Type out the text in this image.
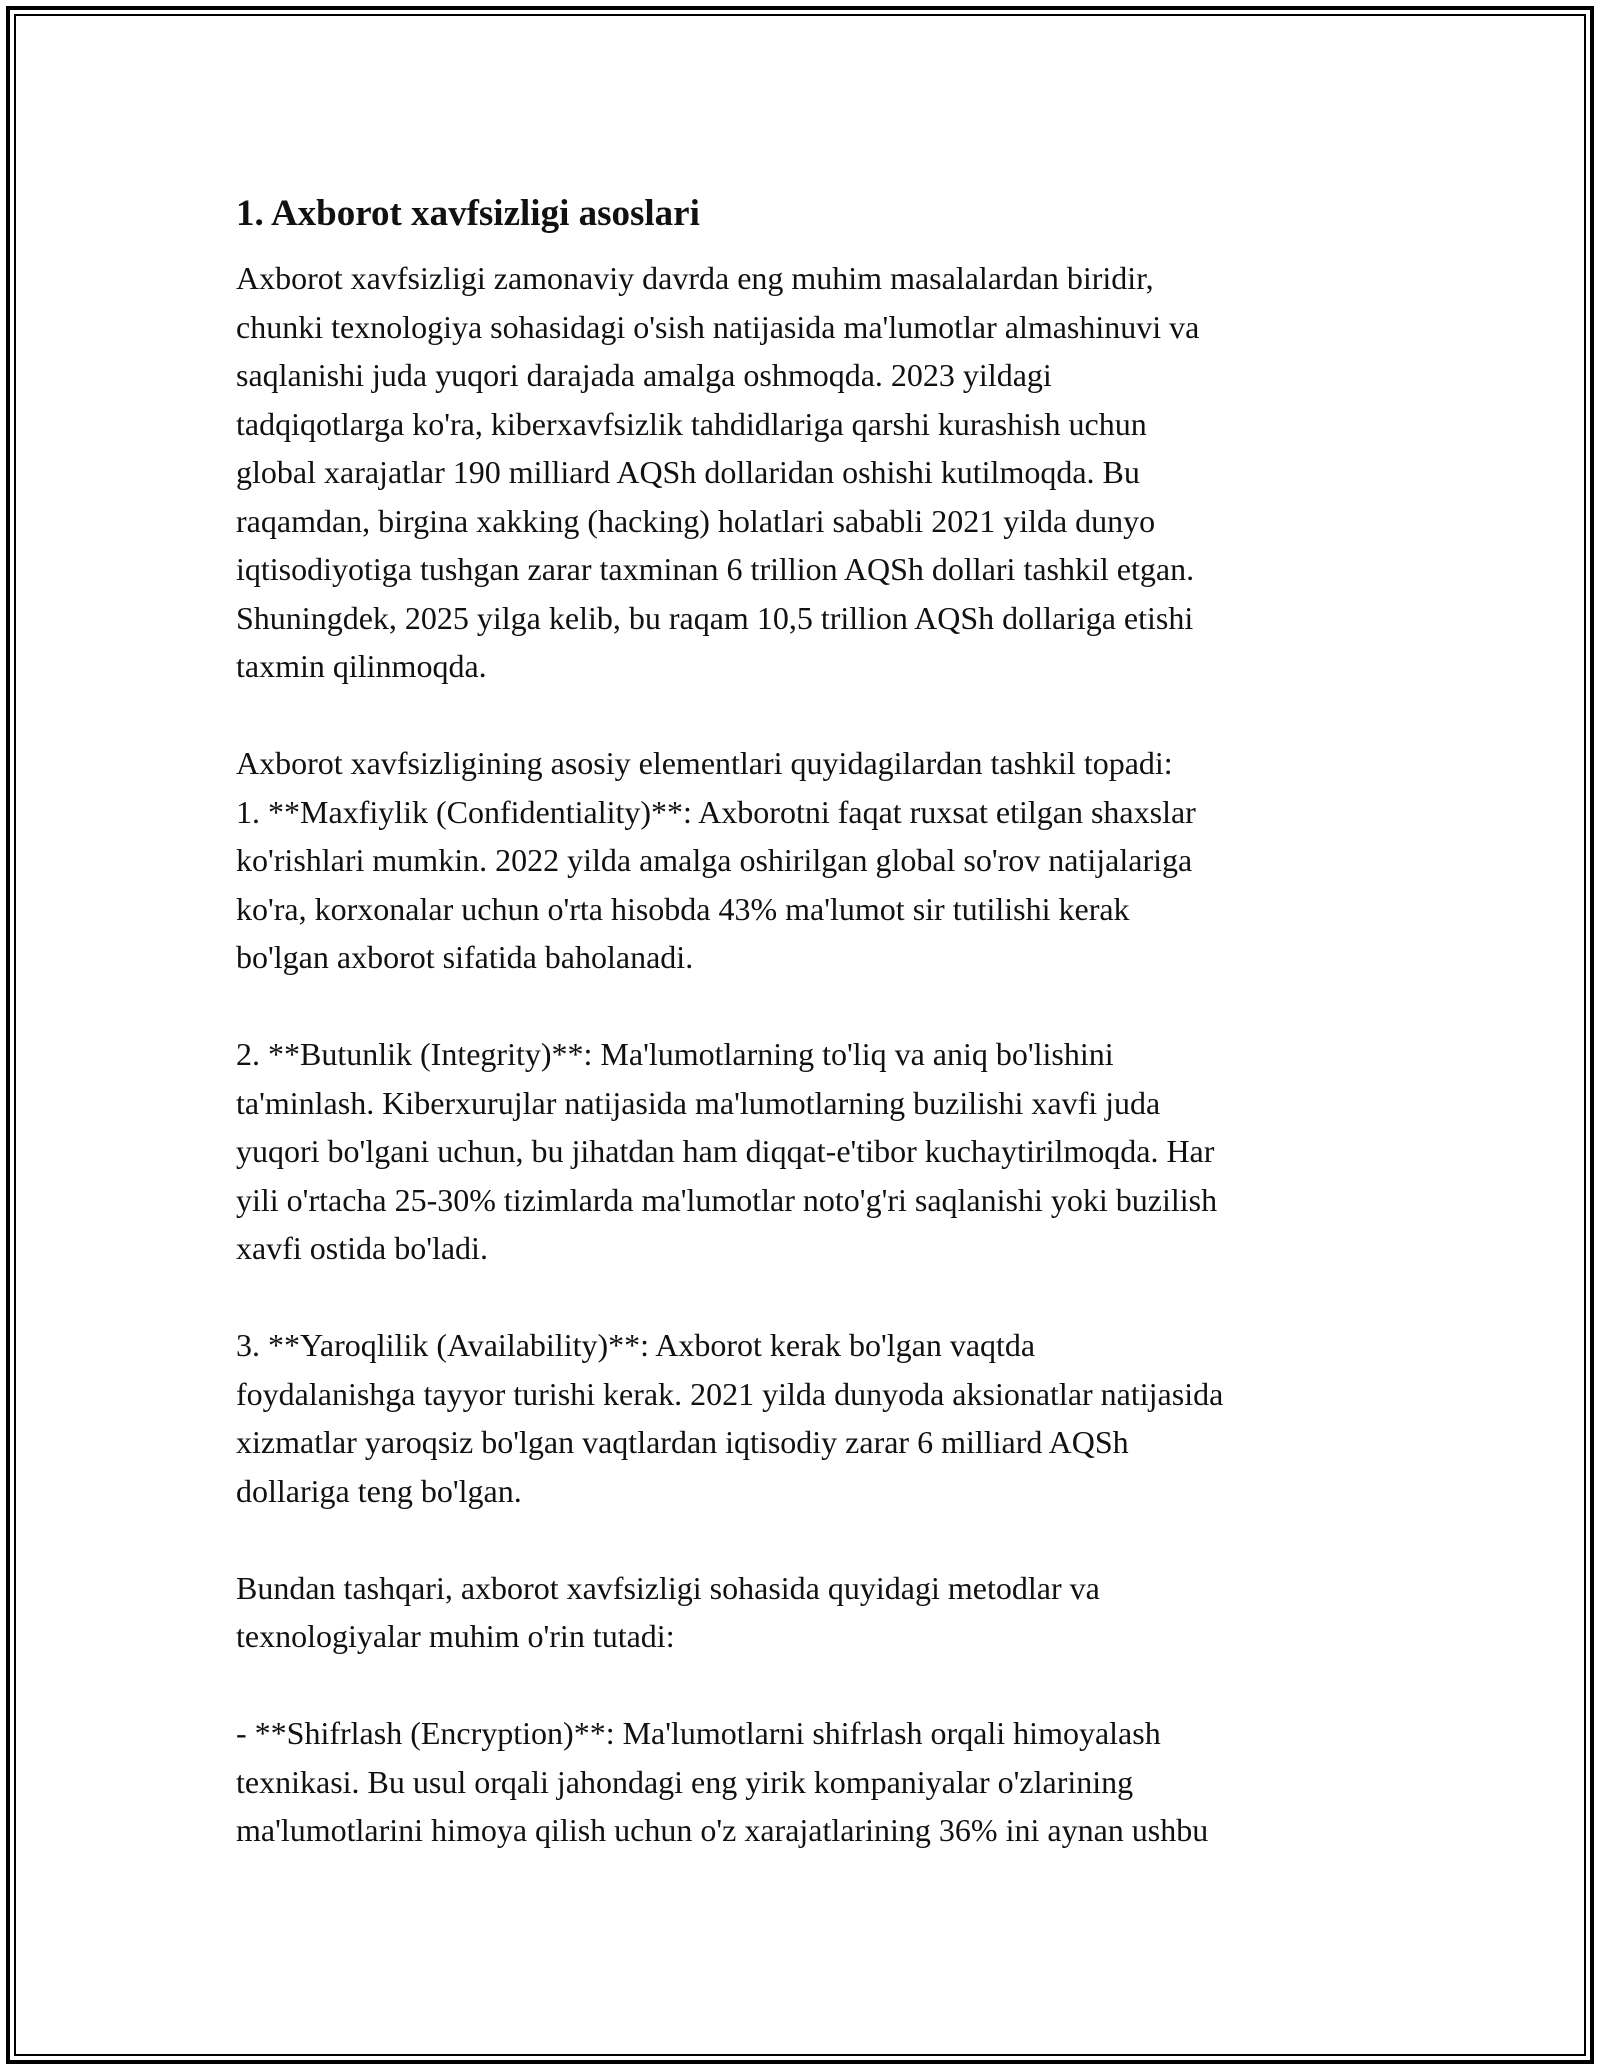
1. Axborot xavfsizligi asoslari

Axborot xavfsizligi zamonaviy davrda eng muhim masalalardan biridir,
chunki texnologiya sohasidagi o'sish natijasida ma'lumotlar almashinuvi va
saqlanishi juda yuqori darajada amalga oshmoqda. 2023 yildagi
tadqiqotlarga ko'ra, kiberxavfsizlik tahdidlariga qarshi kurashish uchun
global xarajatlar 190 milliard AQSh dollaridan oshishi kutilmoqda. Bu
raqamdan, birgina xakking (hacking) holatlari sababli 2021 yilda dunyo
iqtisodiyotiga tushgan zarar taxminan 6 trillion AQSh dollari tashkil etgan.
Shuningdek, 2025 yilga kelib, bu raqam 10,5 trillion AQSh dollariga etishi
taxmin qilinmoqda.

Axborot xavfsizligining asosiy elementlari quyidagilardan tashkil topadi:
1. **Maxfiylik (Confidentiality)**: Axborotni faqat ruxsat etilgan shaxslar
ko'rishlari mumkin. 2022 yilda amalga oshirilgan global so'rov natijalariga
ko'ra, korxonalar uchun o'rta hisobda 43% ma'lumot sir tutilishi kerak
bo'lgan axborot sifatida baholanadi.

2. **Butunlik (Integrity)**: Ma'lumotlarning to'liq va aniq bo'lishini
ta'minlash. Kiberxurujlar natijasida ma'lumotlarning buzilishi xavfi juda
yuqori bo'lgani uchun, bu jihatdan ham diqqat-e'tibor kuchaytirilmoqda. Har
yili o'rtacha 25-30% tizimlarda ma'lumotlar noto'g'ri saqlanishi yoki buzilish
xavfi ostida bo'ladi.

3. **Yaroqlilik (Availability)**: Axborot kerak bo'lgan vaqtda
foydalanishga tayyor turishi kerak. 2021 yilda dunyoda aksionatlar natijasida
xizmatlar yaroqsiz bo'lgan vaqtlardan iqtisodiy zarar 6 milliard AQSh
dollariga teng bo'lgan.

Bundan tashqari, axborot xavfsizligi sohasida quyidagi metodlar va
texnologiyalar muhim o'rin tutadi:

- **Shifrlash (Encryption)**: Ma'lumotlarni shifrlash orqali himoyalash
texnikasi. Bu usul orqali jahondagi eng yirik kompaniyalar o'zlarining
ma'lumotlarini himoya qilish uchun o'z xarajatlarining 36% ini aynan ushbu
